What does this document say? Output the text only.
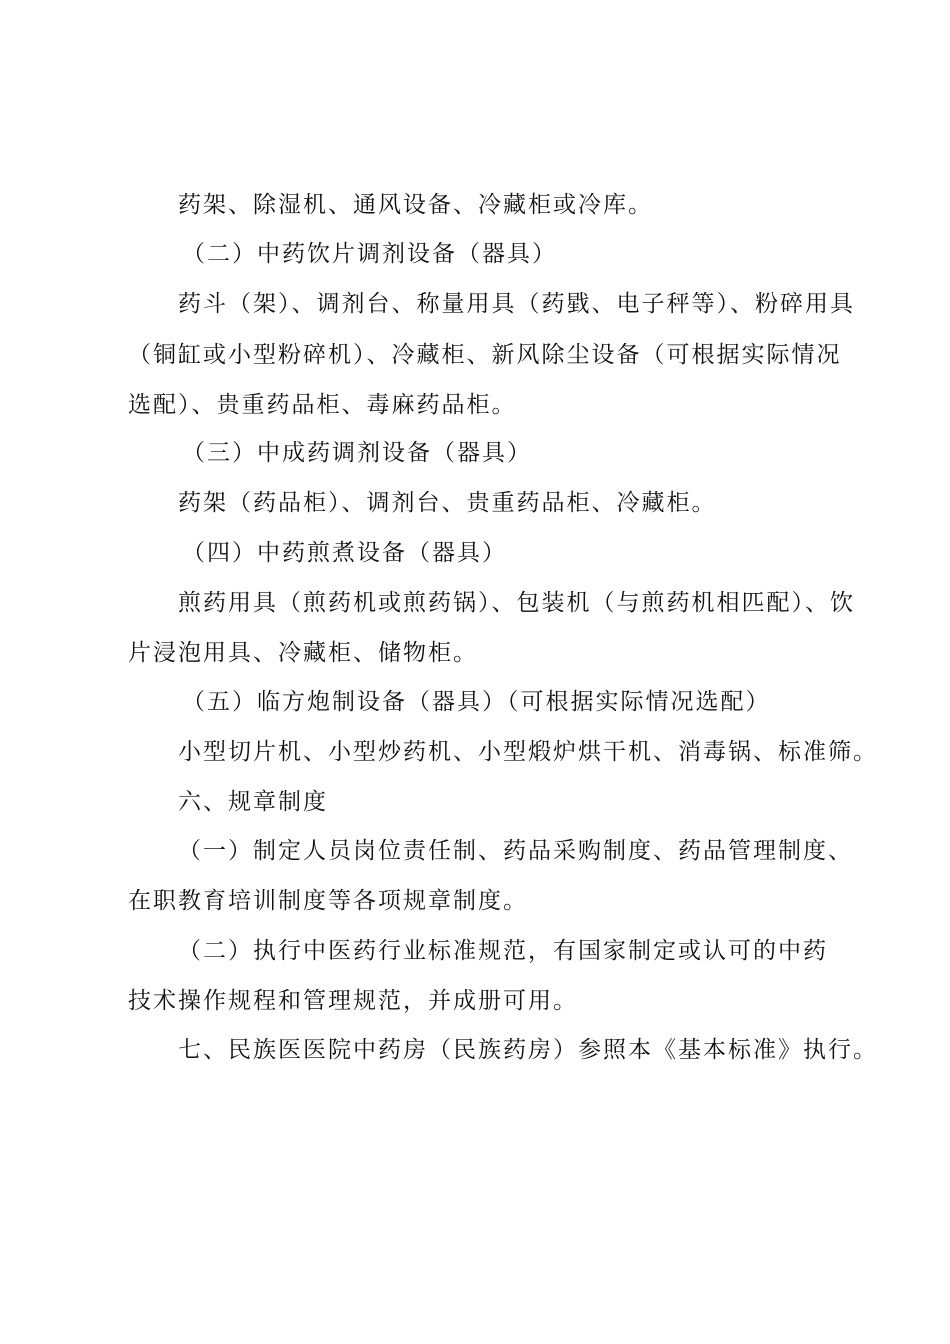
药架、除湿机、通风设备、冷藏柜或冷库。
（二）中药饮片调剂设备（器具）
药斗（架）、调剂台、称量用具（药戥、电子秤等）、粉碎用具
（铜缸或小型粉碎机）、冷藏柜、新风除尘设备（可根据实际情况
选配）、贵重药品柜、毒麻药品柜。
（三）中成药调剂设备（器具）
药架（药品柜）、调剂台、贵重药品柜、冷藏柜。
（四）中药煎煮设备（器具）
煎药用具（煎药机或煎药锅）、包装机（与煎药机相匹配）、饮
片浸泡用具、冷藏柜、储物柜。
（五）临方炮制设备（器具）（可根据实际情况选配）
小型切片机、小型炒药机、小型煅炉烘干机、消毒锅、标准筛。
六、规章制度
（一）制定人员岗位责任制、药品采购制度、药品管理制度、
在职教育培训制度等各项规章制度。
（二）执行中医药行业标准规范，有国家制定或认可的中药
技术操作规程和管理规范，并成册可用。
七、民族医医院中药房（民族药房）参照本《基本标准》执行。
